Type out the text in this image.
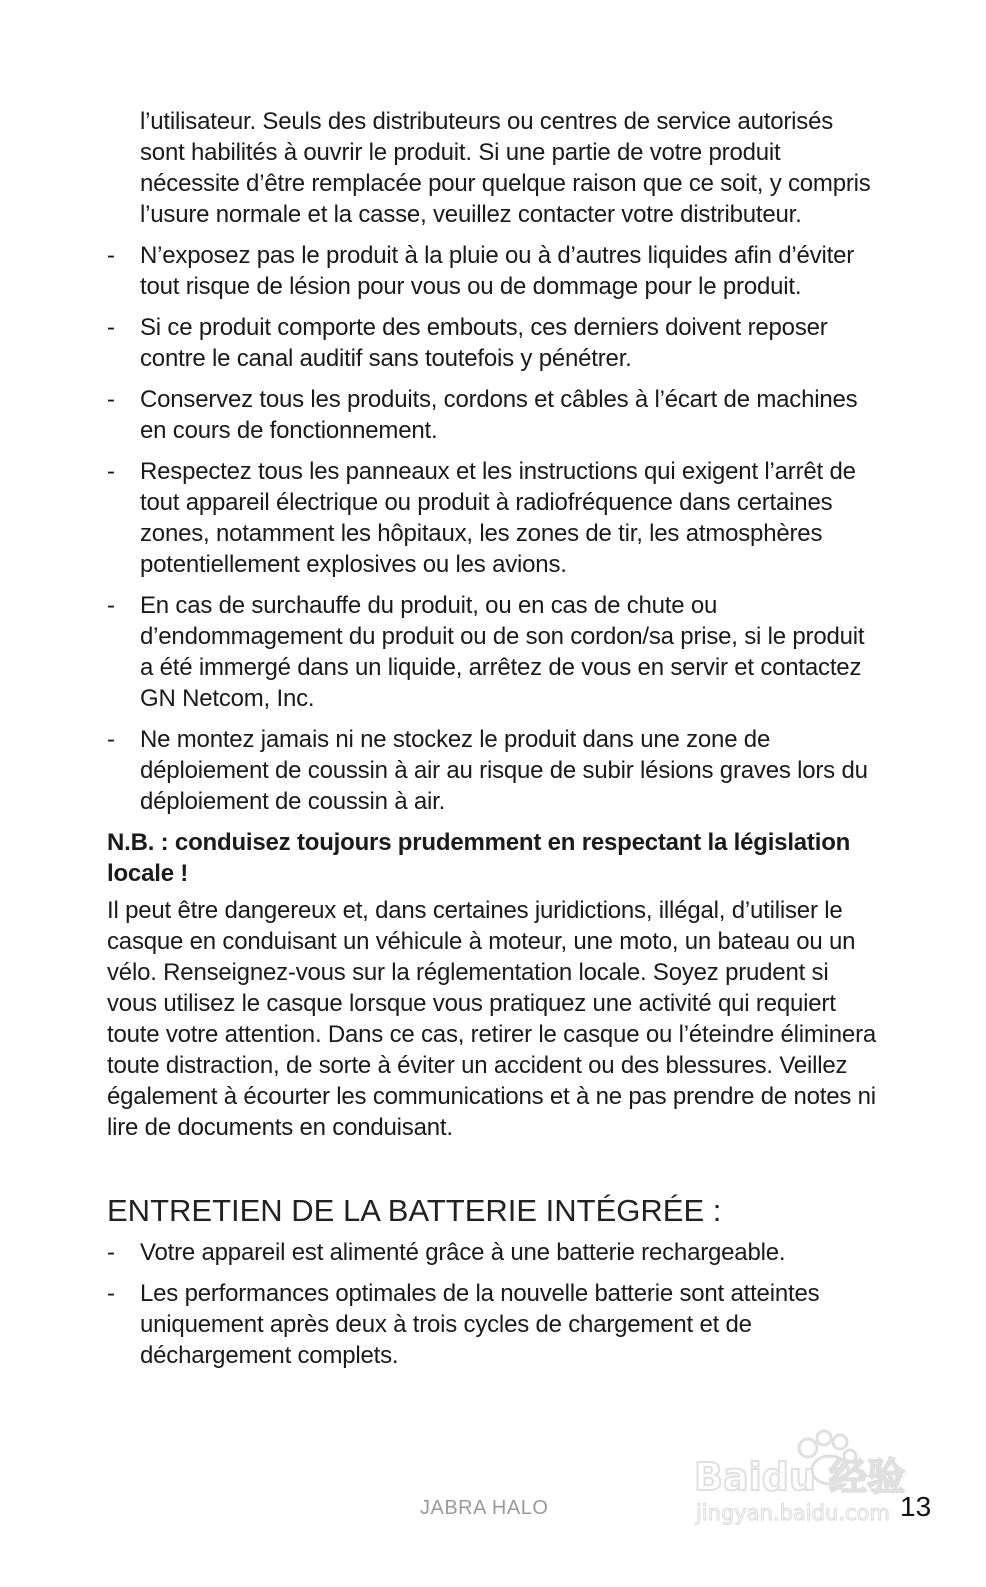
l’utilisateur. Seuls des distributeurs ou centres de service autorisés sont habilités à ouvrir le produit. Si une partie de votre produit nécessite d’être remplacée pour quelque raison que ce soit, y compris l’usure normale et la casse, veuillez contacter votre distributeur.

-	N’exposez pas le produit à la pluie ou à d’autres liquides afin d’éviter tout risque de lésion pour vous ou de dommage pour le produit.
-	Si ce produit comporte des embouts, ces derniers doivent reposer contre le canal auditif sans toutefois y pénétrer.
-	Conservez tous les produits, cordons et câbles à l’écart de machines en cours de fonctionnement.
-	Respectez tous les panneaux et les instructions qui exigent l’arrêt de tout appareil électrique ou produit à radiofréquence dans certaines zones, notamment les hôpitaux, les zones de tir, les atmosphères potentiellement explosives ou les avions.
-	En cas de surchauffe du produit, ou en cas de chute ou d’endommagement du produit ou de son cordon/sa prise, si le produit a été immergé dans un liquide, arrêtez de vous en servir et contactez GN Netcom, Inc.
-	Ne montez jamais ni ne stockez le produit dans une zone de déploiement de coussin à air au risque de subir lésions graves lors du déploiement de coussin à air.

N.B. : conduisez toujours prudemment en respectant la législation locale !

Il peut être dangereux et, dans certaines juridictions, illégal, d’utiliser le casque en conduisant un véhicule à moteur, une moto, un bateau ou un vélo. Renseignez-vous sur la réglementation locale. Soyez prudent si vous utilisez le casque lorsque vous pratiquez une activité qui requiert toute votre attention. Dans ce cas, retirer le casque ou l’éteindre éliminera toute distraction, de sorte à éviter un accident ou des blessures. Veillez également à écourter les communications et à ne pas prendre de notes ni lire de documents en conduisant.

ENTRETIEN DE LA BATTERIE INTÉGRÉE :
-	Votre appareil est alimenté grâce à une batterie rechargeable.
-	Les performances optimales de la nouvelle batterie sont atteintes uniquement après deux à trois cycles de chargement et de déchargement complets.
JABRA HALO
Baidu 经验
jingyan.baidu.com 13
